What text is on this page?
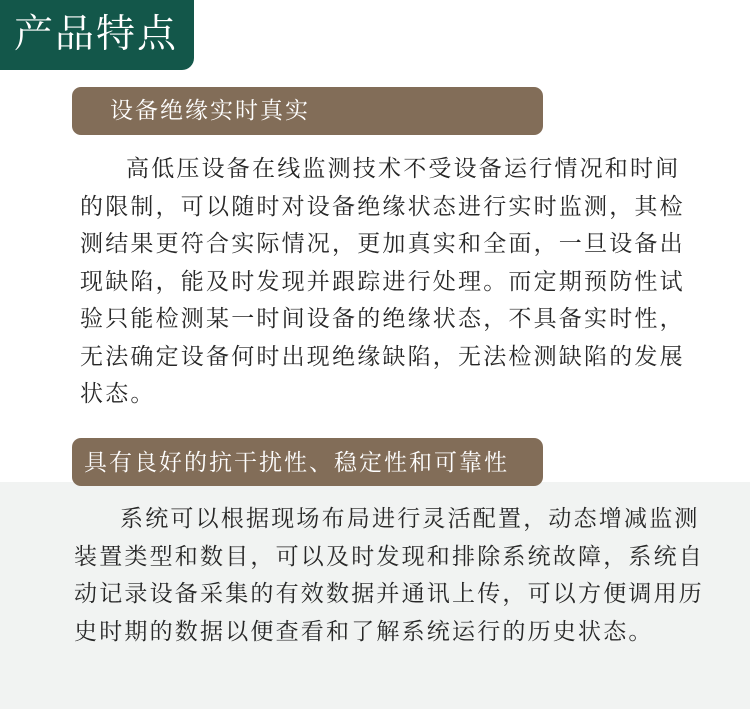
产品特点
设备绝缘实时真实

高低压设备在线监测技术不受设备运行情况和时间的限制，可以随时对设备绝缘状态进行实时监测，其检测结果更符合实际情况，更加真实和全面，一旦设备出现缺陷，能及时发现并跟踪进行处理。而定期预防性试验只能检测某一时间设备的绝缘状态，不具备实时性，无法确定设备何时出现绝缘缺陷，无法检测缺陷的发展状态。

具有良好的抗干扰性、稳定性和可靠性

系统可以根据现场布局进行灵活配置，动态增减监测装置类型和数目，可以及时发现和排除系统故障，系统自动记录设备采集的有效数据并通讯上传，可以方便调用历史时期的数据以便查看和了解系统运行的历史状态。
